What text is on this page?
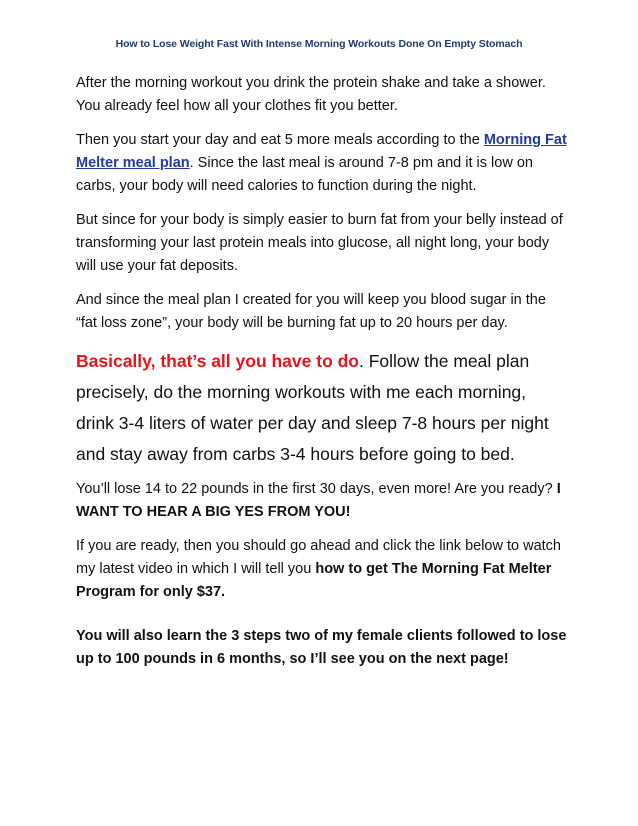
How to Lose Weight Fast With Intense Morning Workouts Done On Empty Stomach

After the morning workout you drink the protein shake and take a shower. You already feel how all your clothes fit you better.

Then you start your day and eat 5 more meals according to the Morning Fat Melter meal plan. Since the last meal is around 7-8 pm and it is low on carbs, your body will need calories to function during the night.

But since for your body is simply easier to burn fat from your belly instead of transforming your last protein meals into glucose, all night long, your body will use your fat deposits.

And since the meal plan I created for you will keep you blood sugar in the “fat loss zone”, your body will be burning fat up to 20 hours per day.

Basically, that’s all you have to do. Follow the meal plan precisely, do the morning workouts with me each morning, drink 3-4 liters of water per day and sleep 7-8 hours per night and stay away from carbs 3-4 hours before going to bed.

You’ll lose 14 to 22 pounds in the first 30 days, even more! Are you ready? I WANT TO HEAR A BIG YES FROM YOU!

If you are ready, then you should go ahead and click the link below to watch my latest video in which I will tell you how to get The Morning Fat Melter Program for only $37.

You will also learn the 3 steps two of my female clients followed to lose up to 100 pounds in 6 months, so I’ll see you on the next page!
